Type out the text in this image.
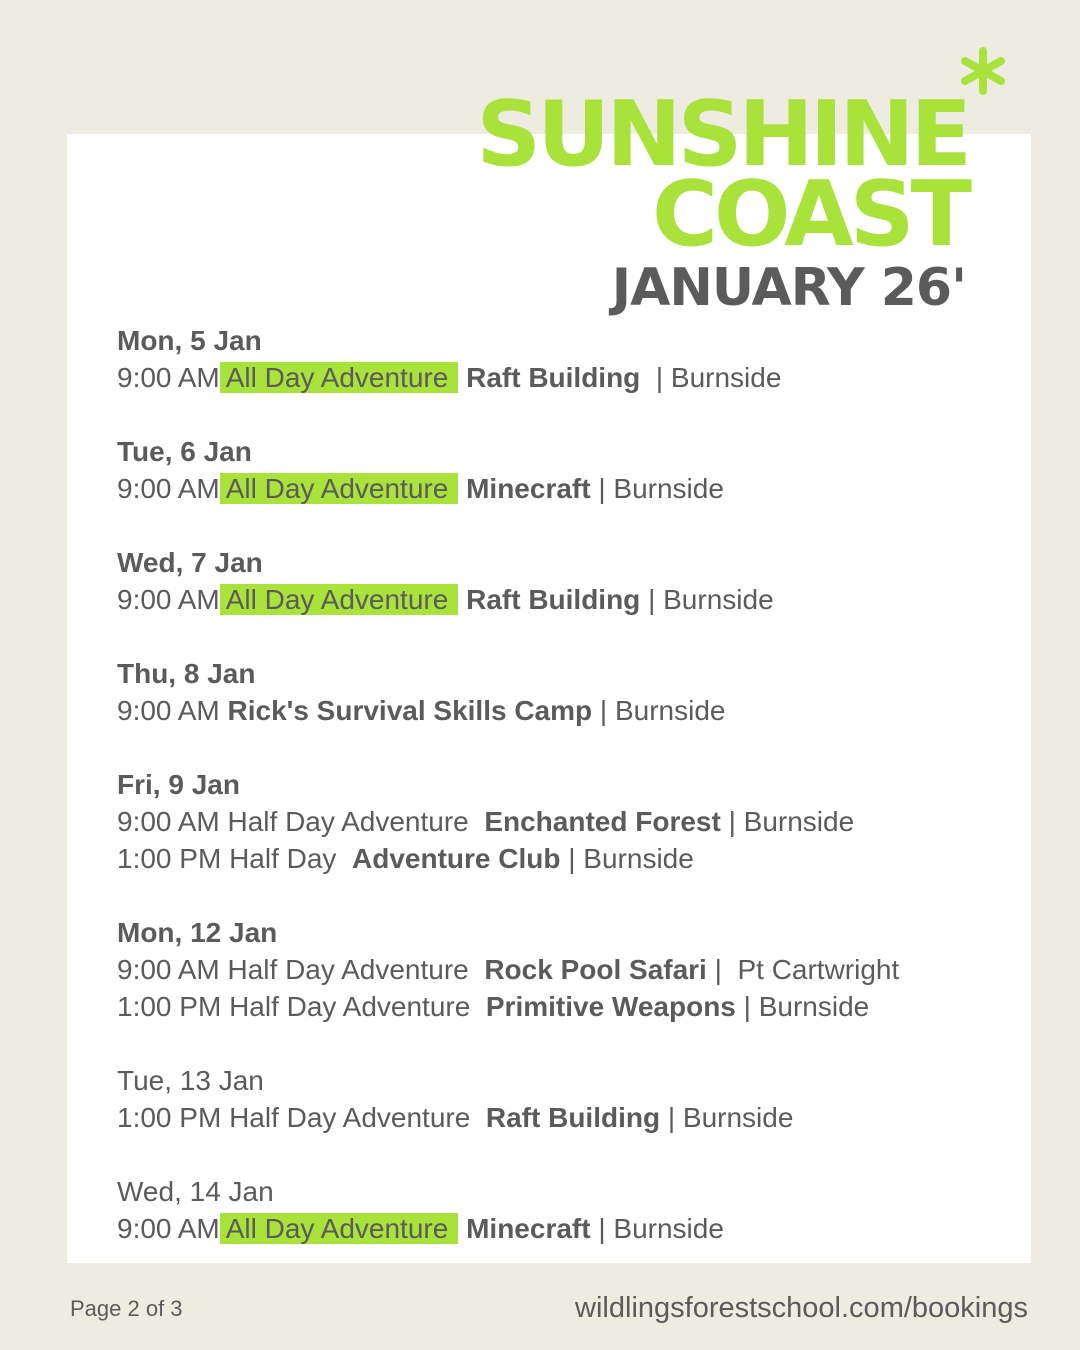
SUNSHINE
COAST
JANUARY 26'
Mon, 5 Jan
9:00 AM All Day Adventure Raft Building  | Burnside
Tue, 6 Jan
9:00 AM All Day Adventure Minecraft | Burnside
Wed, 7 Jan
9:00 AM All Day Adventure Raft Building | Burnside
Thu, 8 Jan
9:00 AM Rick's Survival Skills Camp | Burnside
Fri, 9 Jan
9:00 AM Half Day Adventure Enchanted Forest | Burnside
1:00 PM Half Day Adventure Club | Burnside
Mon, 12 Jan
9:00 AM Half Day Adventure Rock Pool Safari |  Pt Cartwright
1:00 PM Half Day Adventure Primitive Weapons | Burnside
Tue, 13 Jan
1:00 PM Half Day Adventure Raft Building | Burnside
Wed, 14 Jan
9:00 AM All Day Adventure Minecraft | Burnside
Page 2 of 3	wildlingsforestschool.com/bookings
